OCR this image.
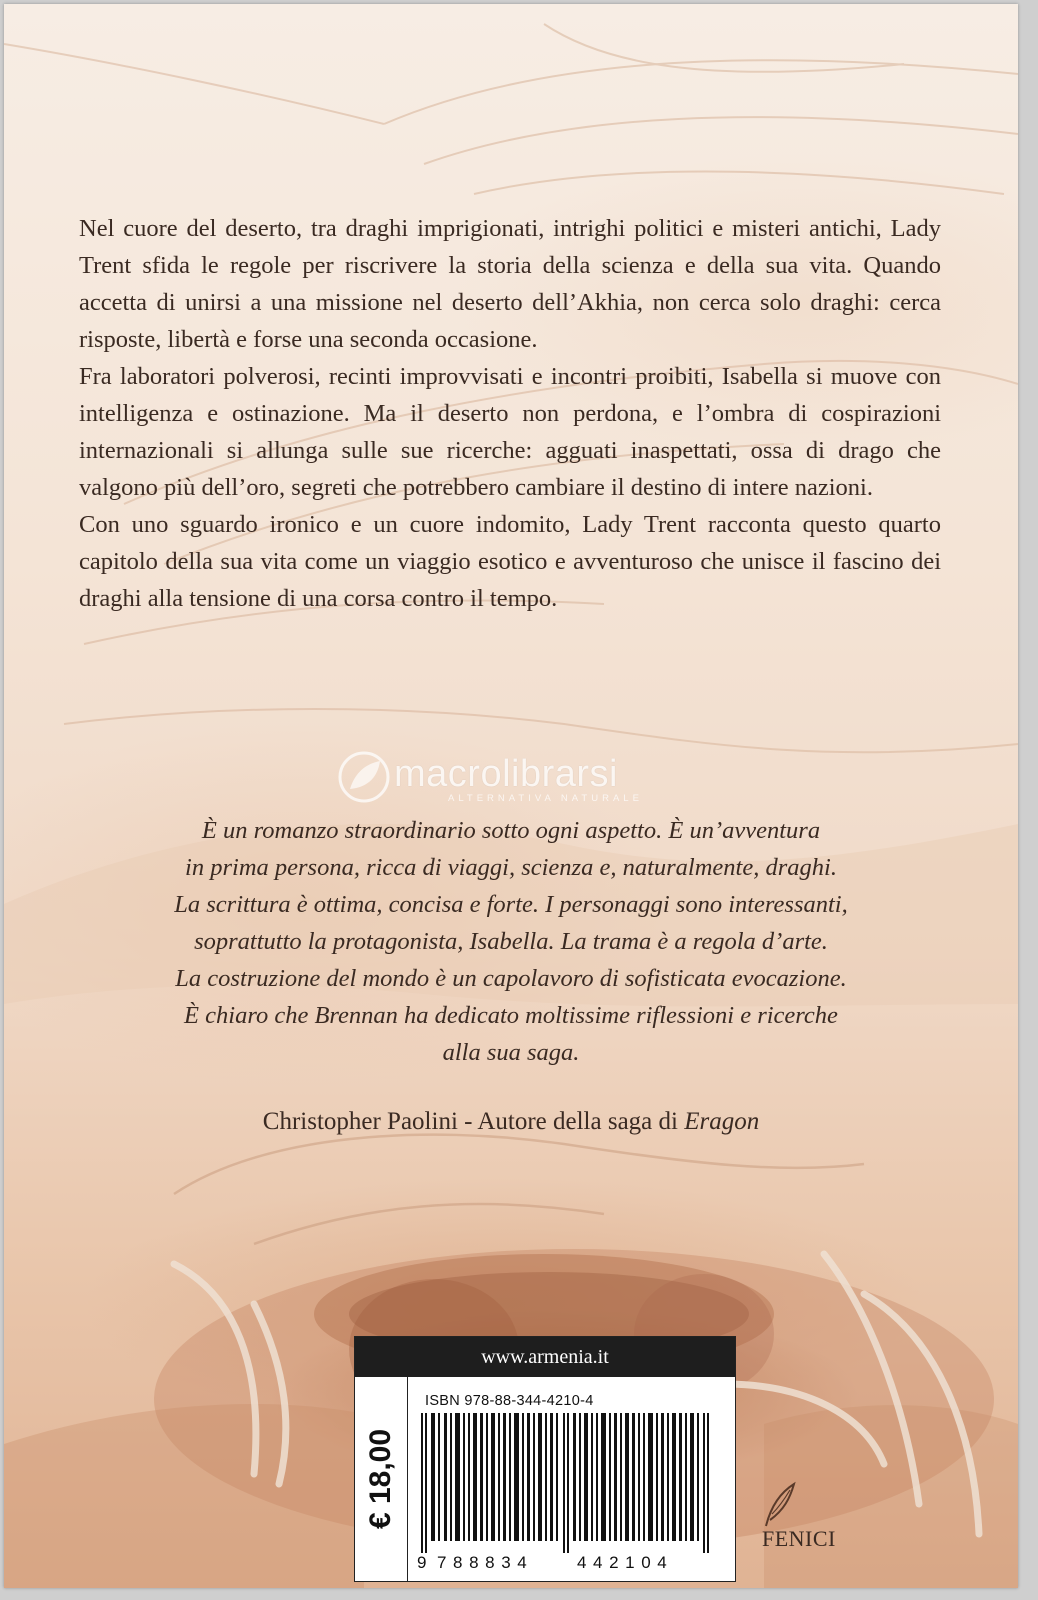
Nel cuore del deserto, tra draghi imprigionati, intrighi politici e misteri antichi, Lady Trent sfida le regole per riscrivere la storia della scienza e della sua vita. Quando accetta di unirsi a una missione nel deserto dell’Akhia, non cerca solo draghi: cerca risposte, libertà e forse una seconda occasione.

Fra laboratori polverosi, recinti improvvisati e incontri proibiti, Isabella si muove con intelligenza e ostinazione. Ma il deserto non perdona, e l’ombra di cospirazioni internazionali si allunga sulle sue ricerche: agguati inaspettati, ossa di drago che valgono più dell’oro, segreti che potrebbero cambiare il destino di intere nazioni.

Con uno sguardo ironico e un cuore indomito, Lady Trent racconta questo quarto capitolo della sua vita come un viaggio esotico e avventuroso che unisce il fascino dei draghi alla tensione di una corsa contro il tempo.

macrolibrarsi
ALTERNATIVA NATURALE

È un romanzo straordinario sotto ogni aspetto. È un’avventura

in prima persona, ricca di viaggi, scienza e, naturalmente, draghi.

La scrittura è ottima, concisa e forte. I personaggi sono interessanti,

soprattutto la protagonista, Isabella. La trama è a regola d’arte.

La costruzione del mondo è un capolavoro di sofisticata evocazione.

È chiaro che Brennan ha dedicato moltissime riflessioni e ricerche

alla sua saga.

Christopher Paolini - Autore della saga di Eragon
www.armenia.it
€ 18,00
ISBN 978-88-344-4210-4
9 788834	442104
FENICI
